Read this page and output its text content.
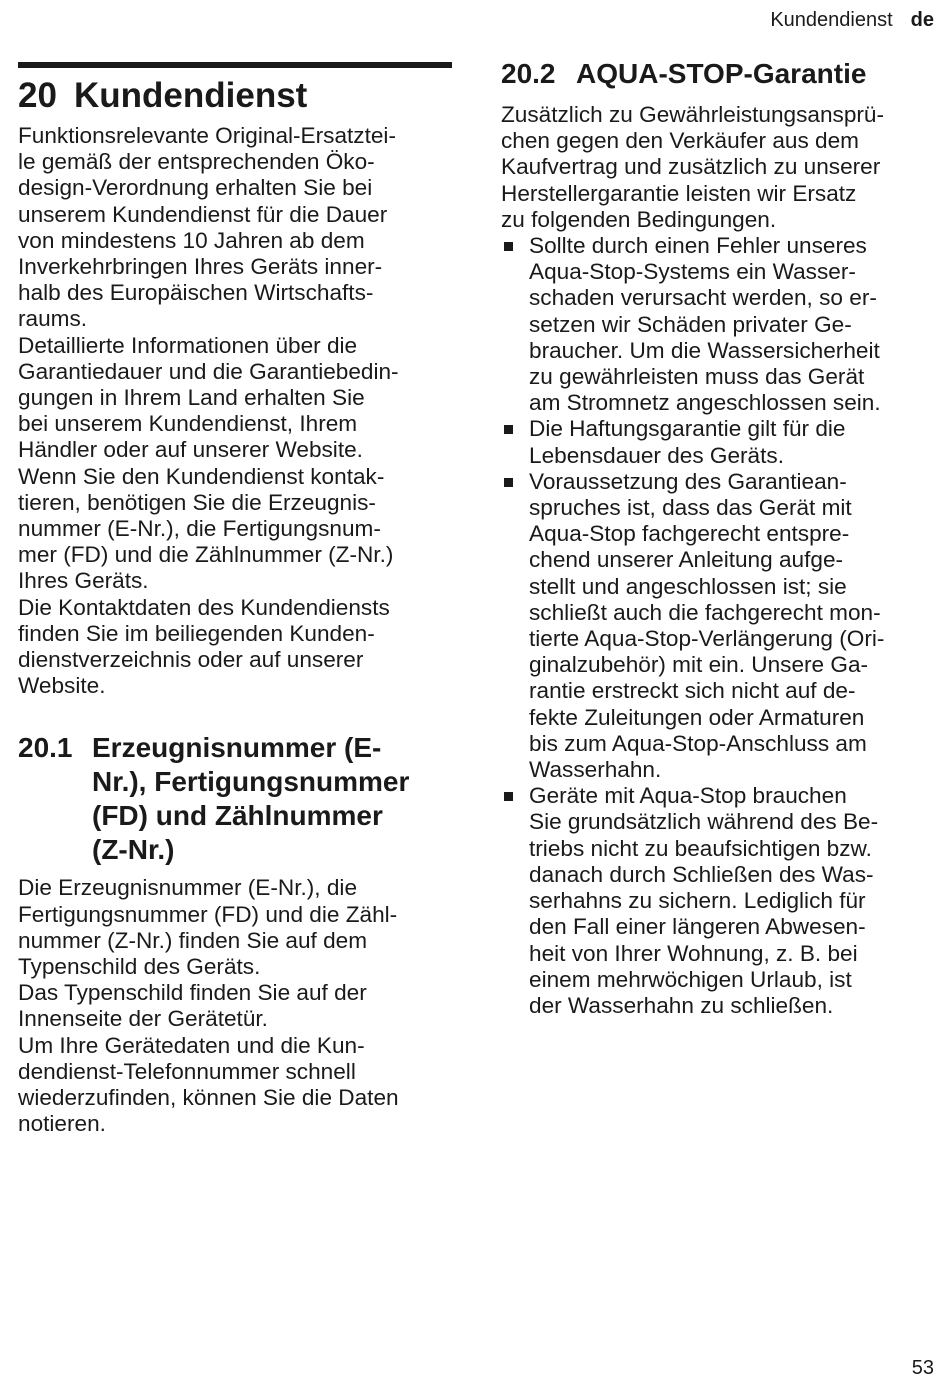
Kundendienst de
20 Kundendienst

Funktionsrelevante Original-Ersatztei-
le gemäß der entsprechenden Öko-
design-Verordnung erhalten Sie bei
unserem Kundendienst für die Dauer
von mindestens 10 Jahren ab dem
Inverkehrbringen Ihres Geräts inner-
halb des Europäischen Wirtschafts-
raums.

Detaillierte Informationen über die
Garantiedauer und die Garantiebedin-
gungen in Ihrem Land erhalten Sie
bei unserem Kundendienst, Ihrem
Händler oder auf unserer Website.

Wenn Sie den Kundendienst kontak-
tieren, benötigen Sie die Erzeugnis-
nummer (E-Nr.), die Fertigungsnum-
mer (FD) und die Zählnummer (Z-Nr.)
Ihres Geräts.

Die Kontaktdaten des Kundendiensts
finden Sie im beiliegenden Kunden-
dienstverzeichnis oder auf unserer
Website.

20.1 Erzeugnisnummer (E-
Nr.), Fertigungsnummer
(FD) und Zählnummer
(Z-Nr.)

Die Erzeugnisnummer (E-Nr.), die
Fertigungsnummer (FD) und die Zähl-
nummer (Z-Nr.) finden Sie auf dem
Typenschild des Geräts.

Das Typenschild finden Sie auf der
Innenseite der Gerätetür.

Um Ihre Gerätedaten und die Kun-
dendienst-Telefonnummer schnell
wiederzufinden, können Sie die Daten
notieren.

20.2 AQUA-STOP-Garantie

Zusätzlich zu Gewährleistungsansprü-
chen gegen den Verkäufer aus dem
Kaufvertrag und zusätzlich zu unserer
Herstellergarantie leisten wir Ersatz
zu folgenden Bedingungen.

Sollte durch einen Fehler unseres
Aqua-Stop-Systems ein Wasser-
schaden verursacht werden, so er-
setzen wir Schäden privater Ge-
braucher. Um die Wassersicherheit
zu gewährleisten muss das Gerät
am Stromnetz angeschlossen sein.
Die Haftungsgarantie gilt für die
Lebensdauer des Geräts.
Voraussetzung des Garantiean-
spruches ist, dass das Gerät mit
Aqua-Stop fachgerecht entspre-
chend unserer Anleitung aufge-
stellt und angeschlossen ist; sie
schließt auch die fachgerecht mon-
tierte Aqua-Stop-Verlängerung (Ori-
ginalzubehör) mit ein. Unsere Ga-
rantie erstreckt sich nicht auf de-
fekte Zuleitungen oder Armaturen
bis zum Aqua-Stop-Anschluss am
Wasserhahn.
Geräte mit Aqua-Stop brauchen
Sie grundsätzlich während des Be-
triebs nicht zu beaufsichtigen bzw.
danach durch Schließen des Was-
serhahns zu sichern. Lediglich für
den Fall einer längeren Abwesen-
heit von Ihrer Wohnung, z. B. bei
einem mehrwöchigen Urlaub, ist
der Wasserhahn zu schließen.
53
